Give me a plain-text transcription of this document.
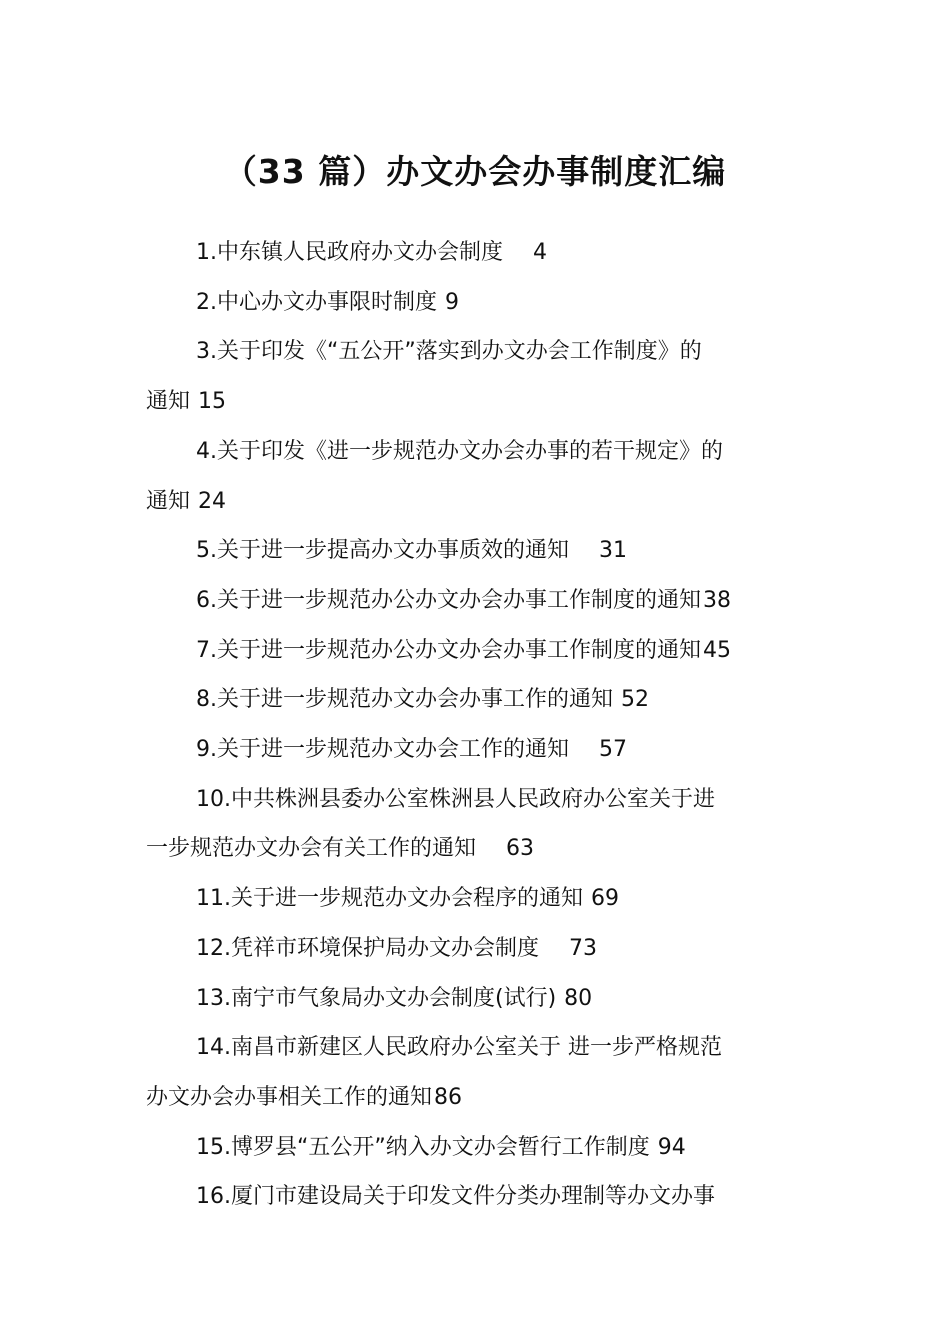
（33 篇）办文办会办事制度汇编
1.中东镇人民政府办文办会制度 4
2.中心办文办事限时制度 9
3.关于印发《“五公开”落实到办文办会工作制度》的
通知 15
4.关于印发《进一步规范办文办会办事的若干规定》的
通知 24
5.关于进一步提高办文办事质效的通知 31
6.关于进一步规范办公办文办会办事工作制度的通知38
7.关于进一步规范办公办文办会办事工作制度的通知45
8.关于进一步规范办文办会办事工作的通知 52
9.关于进一步规范办文办会工作的通知 57
10.中共株洲县委办公室株洲县人民政府办公室关于进
一步规范办文办会有关工作的通知 63
11.关于进一步规范办文办会程序的通知 69
12.凭祥市环境保护局办文办会制度 73
13.南宁市气象局办文办会制度(试行) 80
14.南昌市新建区人民政府办公室关于 进一步严格规范
办文办会办事相关工作的通知86
15.博罗县“五公开”纳入办文办会暂行工作制度 94
16.厦门市建设局关于印发文件分类办理制等办文办事
